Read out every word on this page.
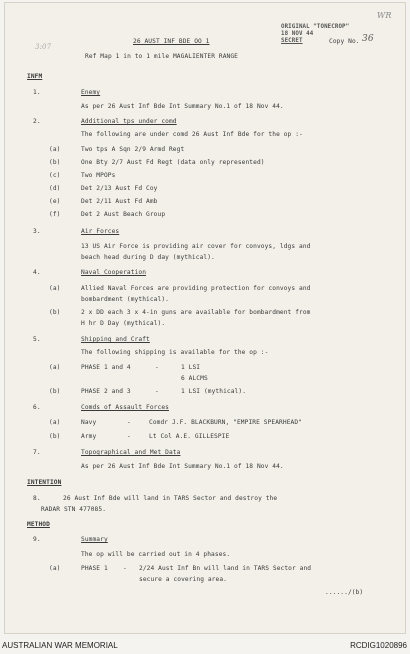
3:07
WR
ORIGINAL "TONECROP"
18 NOV 44
SECRET	Copy No. 36
26 AUST INF BDE OO 1
Ref Map 1 in to 1 mile MAGALIENTER RANGE
INFM
1.	Enemy
As per 26 Aust Inf Bde Int Summary No.1 of 18 Nov 44.
2.	Additional tps under comd
The following are under comd 26 Aust Inf Bde for the op :-
(a)	Two tps A Sqn 2/9 Armd Regt
(b)	One Bty 2/7 Aust Fd Regt (data only represented)
(c)	Two MPOPs
(d)	Det 2/13 Aust Fd Coy
(e)	Det 2/11 Aust Fd Amb
(f)	Det 2 Aust Beach Group
3.	Air Forces
13 US Air Force is providing air cover for convoys, ldgs and
beach head during D day (mythical).
4.	Naval Cooperation
(a)	Allied Naval Forces are providing protection for convoys and
bombardment (mythical).
(b)	2 x DD each 3 x 4-in guns are available for bombardment from
H hr D Day (mythical).
5.	Shipping and Craft
The following shipping is available for the op :-
(a)	PHASE 1 and 4	-	1 LSI
6 ALCMS
(b)	PHASE 2 and 3	-	1 LSI (mythical).
6.	Comds of Assault Forces
(a)	Navy	-	Comdr J.F. BLACKBURN, "EMPIRE SPEARHEAD"
(b)	Army	-	Lt Col A.E. GILLESPIE
7.	Topographical and Met Data
As per 26 Aust Inf Bde Int Summary No.1 of 18 Nov 44.
INTENTION
8.	26 Aust Inf Bde will land in TARS Sector and destroy the
RADAR STN 477085.
METHOD
9.	Summary
The op will be carried out in 4 phases.
(a)	PHASE 1 - 2/24 Aust Inf Bn will land in TARS Sector and
secure a covering area.
....../(b)
AUSTRALIAN WAR MEMORIAL	RCDIG1020896
